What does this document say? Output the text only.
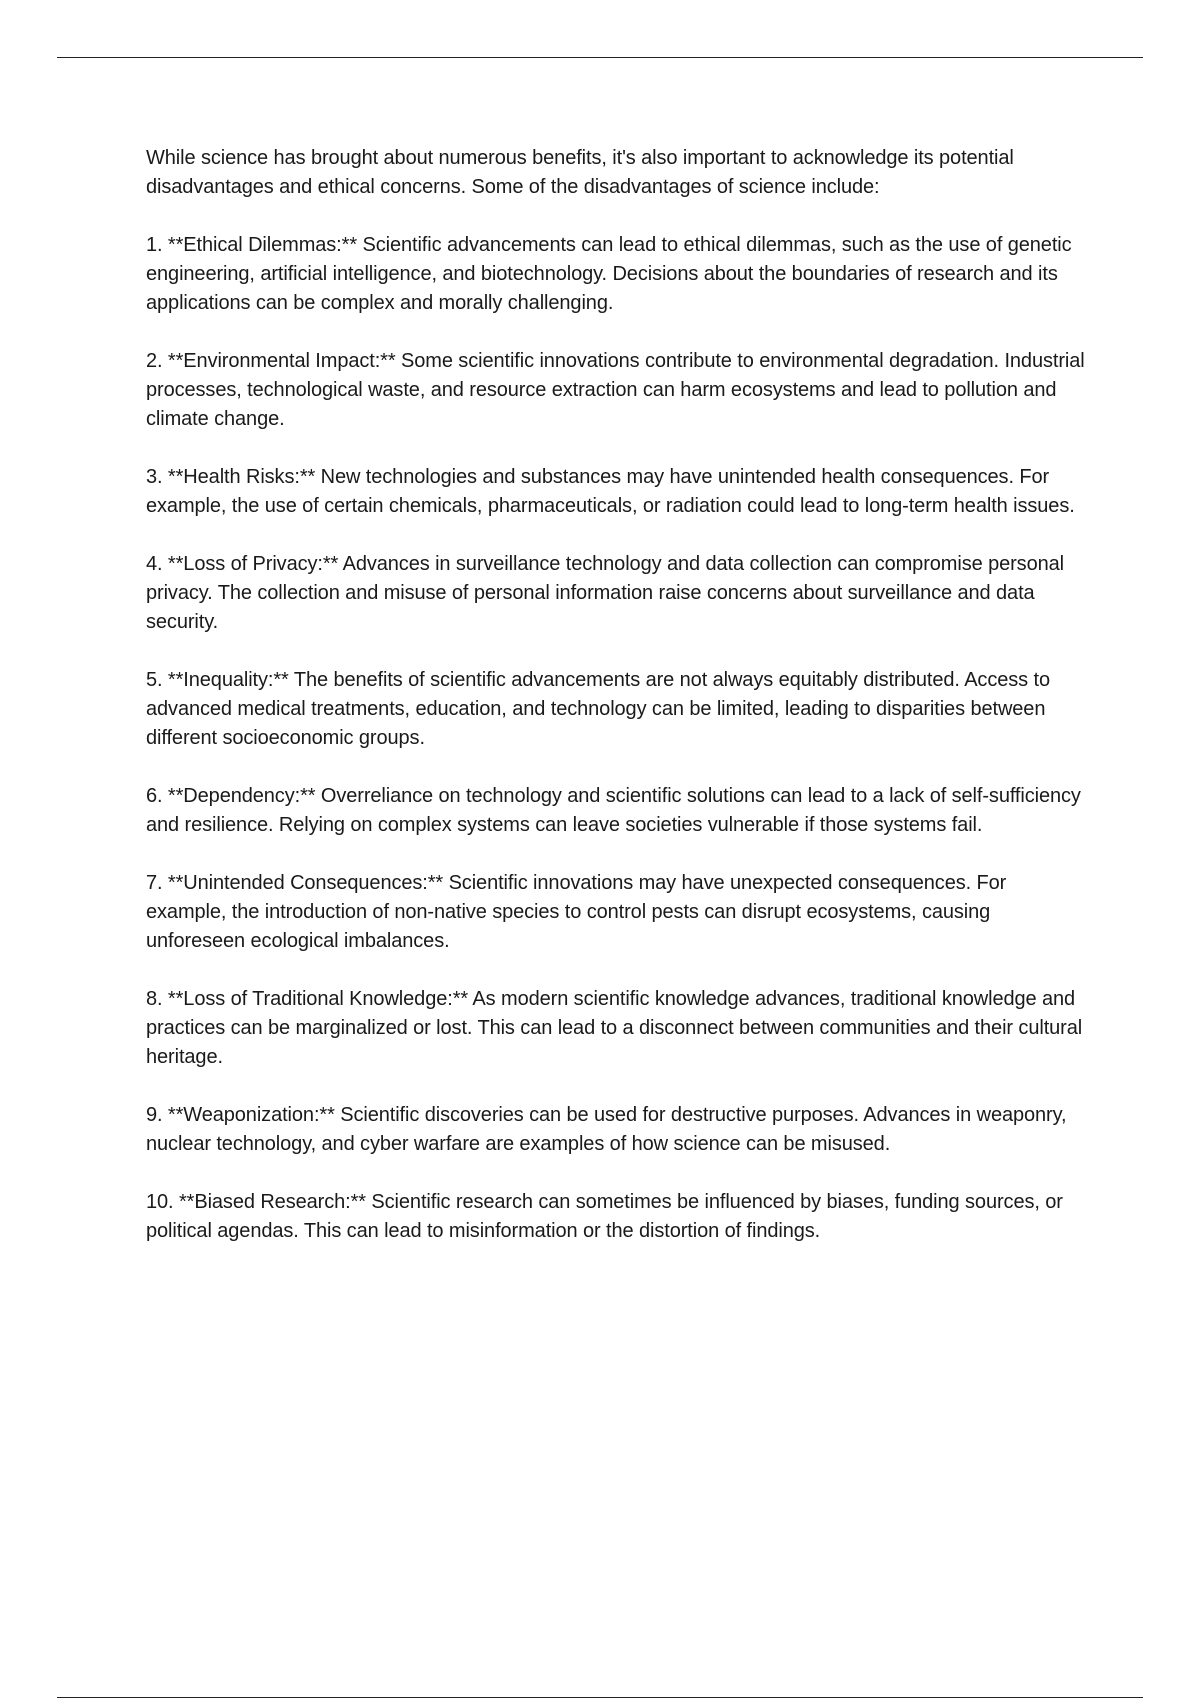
While science has brought about numerous benefits, it's also important to acknowledge its potential disadvantages and ethical concerns. Some of the disadvantages of science include:

1. **Ethical Dilemmas:** Scientific advancements can lead to ethical dilemmas, such as the use of genetic engineering, artificial intelligence, and biotechnology. Decisions about the boundaries of research and its applications can be complex and morally challenging.

2. **Environmental Impact:** Some scientific innovations contribute to environmental degradation. Industrial processes, technological waste, and resource extraction can harm ecosystems and lead to pollution and climate change.

3. **Health Risks:** New technologies and substances may have unintended health consequences. For example, the use of certain chemicals, pharmaceuticals, or radiation could lead to long-term health issues.

4. **Loss of Privacy:** Advances in surveillance technology and data collection can compromise personal privacy. The collection and misuse of personal information raise concerns about surveillance and data security.

5. **Inequality:** The benefits of scientific advancements are not always equitably distributed. Access to advanced medical treatments, education, and technology can be limited, leading to disparities between different socioeconomic groups.

6. **Dependency:** Overreliance on technology and scientific solutions can lead to a lack of self-sufficiency and resilience. Relying on complex systems can leave societies vulnerable if those systems fail.

7. **Unintended Consequences:** Scientific innovations may have unexpected consequences. For example, the introduction of non-native species to control pests can disrupt ecosystems, causing unforeseen ecological imbalances.

8. **Loss of Traditional Knowledge:** As modern scientific knowledge advances, traditional knowledge and practices can be marginalized or lost. This can lead to a disconnect between communities and their cultural heritage.

9. **Weaponization:** Scientific discoveries can be used for destructive purposes. Advances in weaponry, nuclear technology, and cyber warfare are examples of how science can be misused.

10. **Biased Research:** Scientific research can sometimes be influenced by biases, funding sources, or political agendas. This can lead to misinformation or the distortion of findings.
